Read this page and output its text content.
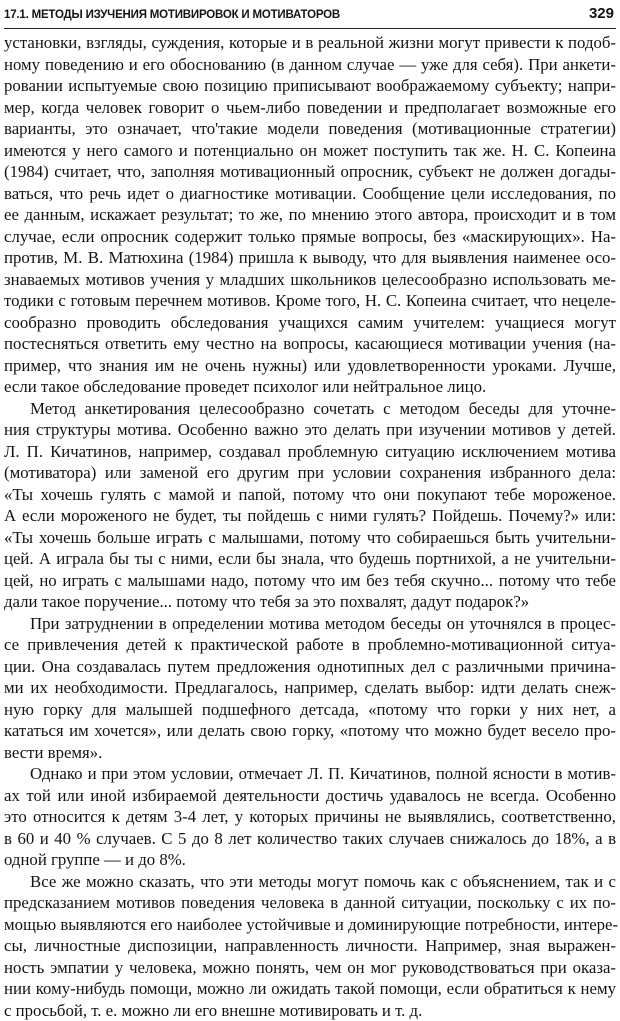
17.1. МЕТОДЫ ИЗУЧЕНИЯ МОТИВИРОВОК И МОТИВАТОРОВ	329
установки, взгляды, суждения, которые и в реальной жизни могут привести к подоб-
ному поведению и его обоснованию (в данном случае — уже для себя). При анкети-
ровании испытуемые свою позицию приписывают воображаемому субъекту; напри-
мер, когда человек говорит о чьем-либо поведении и предполагает возможные его
варианты, это означает, что'такие модели поведения (мотивационные стратегии)
имеются у него самого и потенциально он может поступить так же. Н. С. Копеина
(1984) считает, что, заполняя мотивационный опросник, субъект не должен догады-
ваться, что речь идет о диагностике мотивации. Сообщение цели исследования, по
ее данным, искажает результат; то же, по мнению этого автора, происходит и в том
случае, если опросник содержит только прямые вопросы, без «маскирующих». На-
против, М. В. Матюхина (1984) пришла к выводу, что для выявления наименее осо-
знаваемых мотивов учения у младших школьников целесообразно использовать ме-
тодики с готовым перечнем мотивов. Кроме того, Н. С. Копеина считает, что нецеле-
сообразно проводить обследования учащихся самим учителем: учащиеся могут
постесняться ответить ему честно на вопросы, касающиеся мотивации учения (на-
пример, что знания им не очень нужны) или удовлетворенности уроками. Лучше,
если такое обследование проведет психолог или нейтральное лицо.
Метод анкетирования целесообразно сочетать с методом беседы для уточне-
ния структуры мотива. Особенно важно это делать при изучении мотивов у детей.
Л. П. Кичатинов, например, создавал проблемную ситуацию исключением мотива
(мотиватора) или заменой его другим при условии сохранения избранного дела:
«Ты хочешь гулять с мамой и папой, потому что они покупают тебе мороженое.
А если мороженого не будет, ты пойдешь с ними гулять? Пойдешь. Почему?» или:
«Ты хочешь больше играть с малышами, потому что собираешься быть учительни-
цей. А играла бы ты с ними, если бы знала, что будешь портнихой, а не учительни-
цей, но играть с малышами надо, потому что им без тебя скучно... потому что тебе
дали такое поручение... потому что тебя за это похвалят, дадут подарок?»
При затруднении в определении мотива методом беседы он уточнялся в процес-
се привлечения детей к практической работе в проблемно-мотивационной ситуа-
ции. Она создавалась путем предложения однотипных дел с различными причина-
ми их необходимости. Предлагалось, например, сделать выбор: идти делать снеж-
ную горку для малышей подшефного детсада, «потому что горки у них нет, а
кататься им хочется», или делать свою горку, «потому что можно будет весело про-
вести время».
Однако и при этом условии, отмечает Л. П. Кичатинов, полной ясности в мотив-
ах той или иной избираемой деятельности достичь удавалось не всегда. Особенно
это относится к детям 3-4 лет, у которых причины не выявлялись, соответственно,
в 60 и 40 % случаев. С 5 до 8 лет количество таких случаев снижалось до 18%, а в
одной группе — и до 8%.
Все же можно сказать, что эти методы могут помочь как с объяснением, так и с
предсказанием мотивов поведения человека в данной ситуации, поскольку с их по-
мощью выявляются его наиболее устойчивые и доминирующие потребности, интере-
сы, личностные диспозиции, направленность личности. Например, зная выражен-
ность эмпатии у человека, можно понять, чем он мог руководствоваться при оказа-
нии кому-нибудь помощи, можно ли ожидать такой помощи, если обратиться к нему
с просьбой, т. е. можно ли его внешне мотивировать и т. д.
